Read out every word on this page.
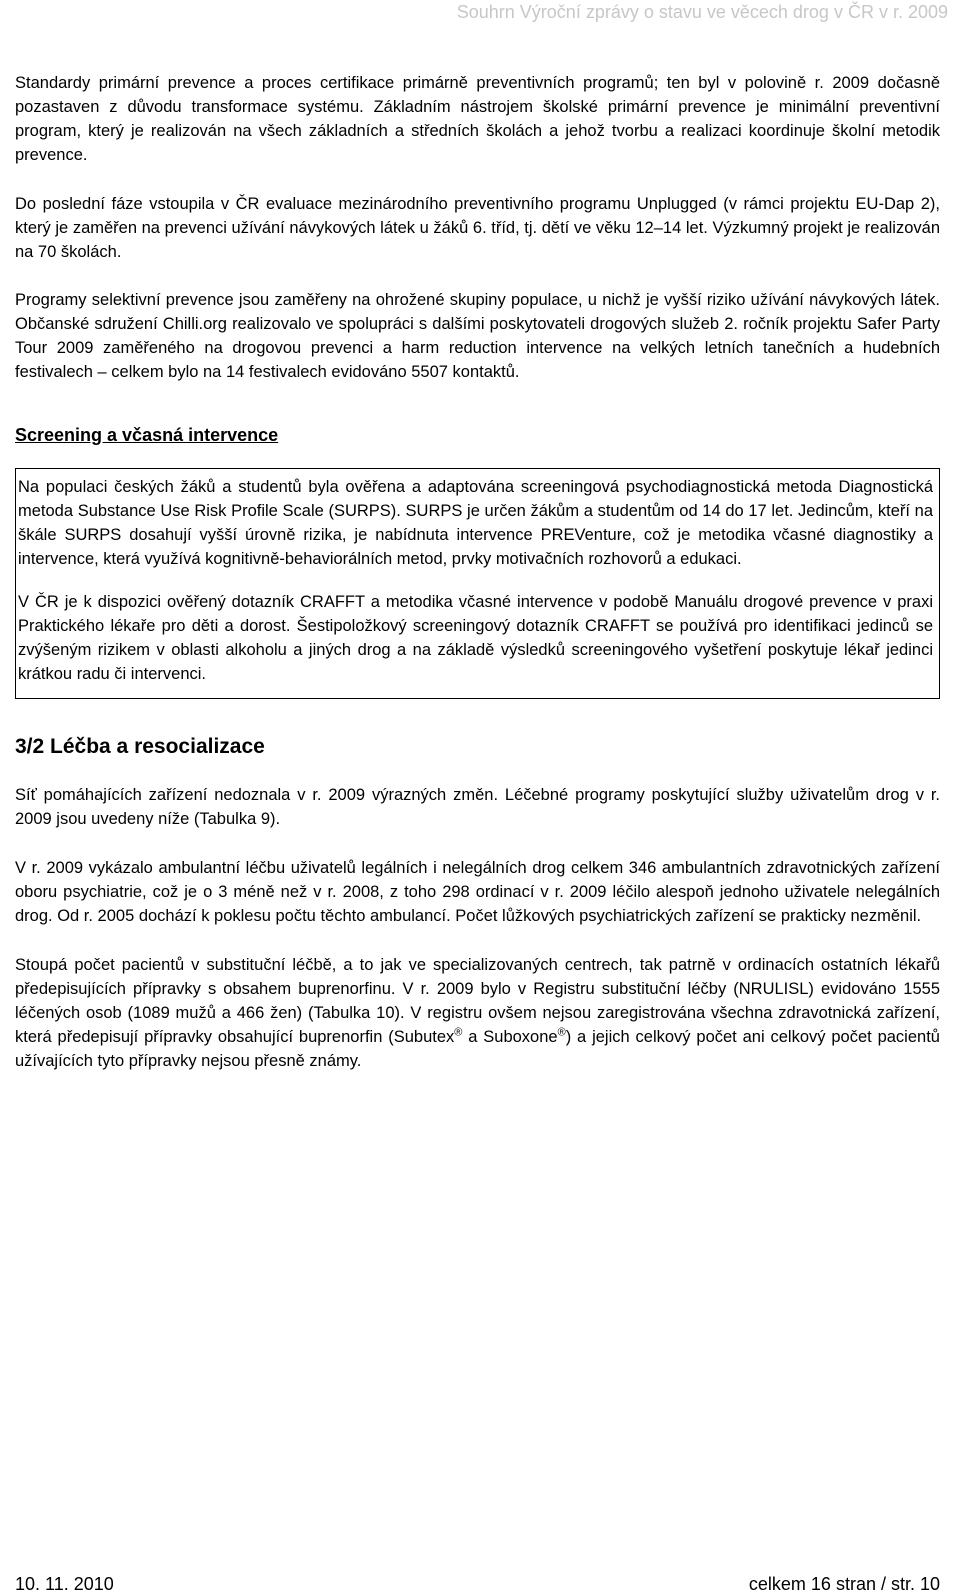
Souhrn Výroční zprávy o stavu ve věcech drog v ČR v r. 2009

Standardy primární prevence a proces certifikace primárně preventivních programů; ten byl v polovině r. 2009 dočasně pozastaven z důvodu transformace systému. Základním nástrojem školské primární prevence je minimální preventivní program, který je realizován na všech základních a středních školách a jehož tvorbu a realizaci koordinuje školní metodik prevence.

Do poslední fáze vstoupila v ČR evaluace mezinárodního preventivního programu Unplugged (v rámci projektu EU-Dap 2), který je zaměřen na prevenci užívání návykových látek u žáků 6. tříd, tj. dětí ve věku 12–14 let. Výzkumný projekt je realizován na 70 školách.

Programy selektivní prevence jsou zaměřeny na ohrožené skupiny populace, u nichž je vyšší riziko užívání návykových látek. Občanské sdružení Chilli.org realizovalo ve spolupráci s dalšími poskytovateli drogových služeb 2. ročník projektu Safer Party Tour 2009 zaměřeného na drogovou prevenci a harm reduction intervence na velkých letních tanečních a hudebních festivalech – celkem bylo na 14 festivalech evidováno 5507 kontaktů.

Screening a včasná intervence

Na populaci českých žáků a studentů byla ověřena a adaptována screeningová psychodiagnostická metoda Diagnostická metoda Substance Use Risk Profile Scale (SURPS). SURPS je určen žákům a studentům od 14 do 17 let. Jedincům, kteří na škále SURPS dosahují vyšší úrovně rizika, je nabídnuta intervence PREVenture, což je metodika včasné diagnostiky a intervence, která využívá kognitivně-behaviorálních metod, prvky motivačních rozhovorů a edukaci.

V ČR je k dispozici ověřený dotazník CRAFFT a metodika včasné intervence v podobě Manuálu drogové prevence v praxi Praktického lékaře pro děti a dorost. Šestipoložkový screeningový dotazník CRAFFT se používá pro identifikaci jedinců se zvýšeným rizikem v oblasti alkoholu a jiných drog a na základě výsledků screeningového vyšetření poskytuje lékař jedinci krátkou radu či intervenci.

3/2 Léčba a resocializace

Síť pomáhajících zařízení nedoznala v r. 2009 výrazných změn. Léčebné programy poskytující služby uživatelům drog v r. 2009 jsou uvedeny níže (Tabulka 9).

V r. 2009 vykázalo ambulantní léčbu uživatelů legálních i nelegálních drog celkem 346 ambulantních zdravotnických zařízení oboru psychiatrie, což je o 3 méně než v r. 2008, z toho 298 ordinací v r. 2009 léčilo alespoň jednoho uživatele nelegálních drog. Od r. 2005 dochází k poklesu počtu těchto ambulancí. Počet lůžkových psychiatrických zařízení se prakticky nezměnil.

Stoupá počet pacientů v substituční léčbě, a to jak ve specializovaných centrech, tak patrně v ordinacích ostatních lékařů předepisujících přípravky s obsahem buprenorfinu. V r. 2009 bylo v Registru substituční léčby (NRULISL) evidováno 1555 léčených osob (1089 mužů a 466 žen) (Tabulka 10). V registru ovšem nejsou zaregistrována všechna zdravotnická zařízení, která předepisují přípravky obsahující buprenorfin (Subutex® a Suboxone®) a jejich celkový počet ani celkový počet pacientů užívajících tyto přípravky nejsou přesně známy.

10. 11. 2010	celkem 16 stran / str. 10
